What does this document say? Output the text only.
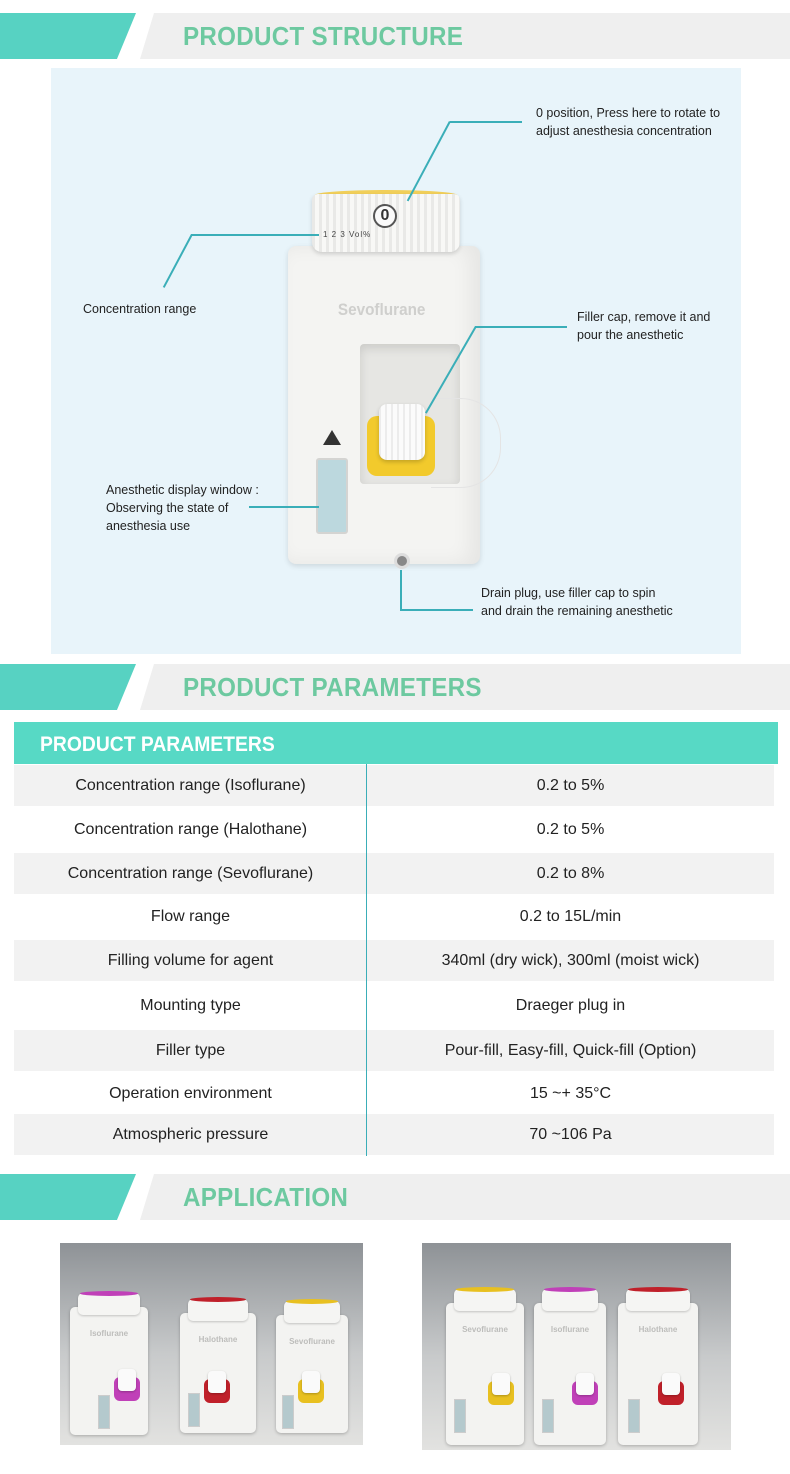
PRODUCT STRUCTURE
0
1 2 3 Vol%
Sevoflurane
0 position, Press here to rotate to
adjust anesthesia concentration
Concentration range
Filler cap, remove it and
pour the anesthetic
Anesthetic display window :
Observing the state of
anesthesia use
Drain plug, use filler cap to spin
and drain the remaining anesthetic
PRODUCT PARAMETERS
PRODUCT PARAMETERS
Concentration range (Isoflurane)	0.2 to 5%
Concentration range (Halothane)	0.2 to 5%
Concentration range (Sevoflurane)	0.2 to 8%
Flow range	0.2 to 15L/min
Filling volume for agent	340ml (dry wick), 300ml (moist wick)
Mounting type	Draeger plug in
Filler type	Pour-fill, Easy-fill, Quick-fill (Option)
Operation environment	15 ~+ 35°C
Atmospheric pressure	70 ~106 Pa
APPLICATION
Isoflurane
Halothane	Sevoflurane
Sevoflurane	Isoflurane	Halothane
